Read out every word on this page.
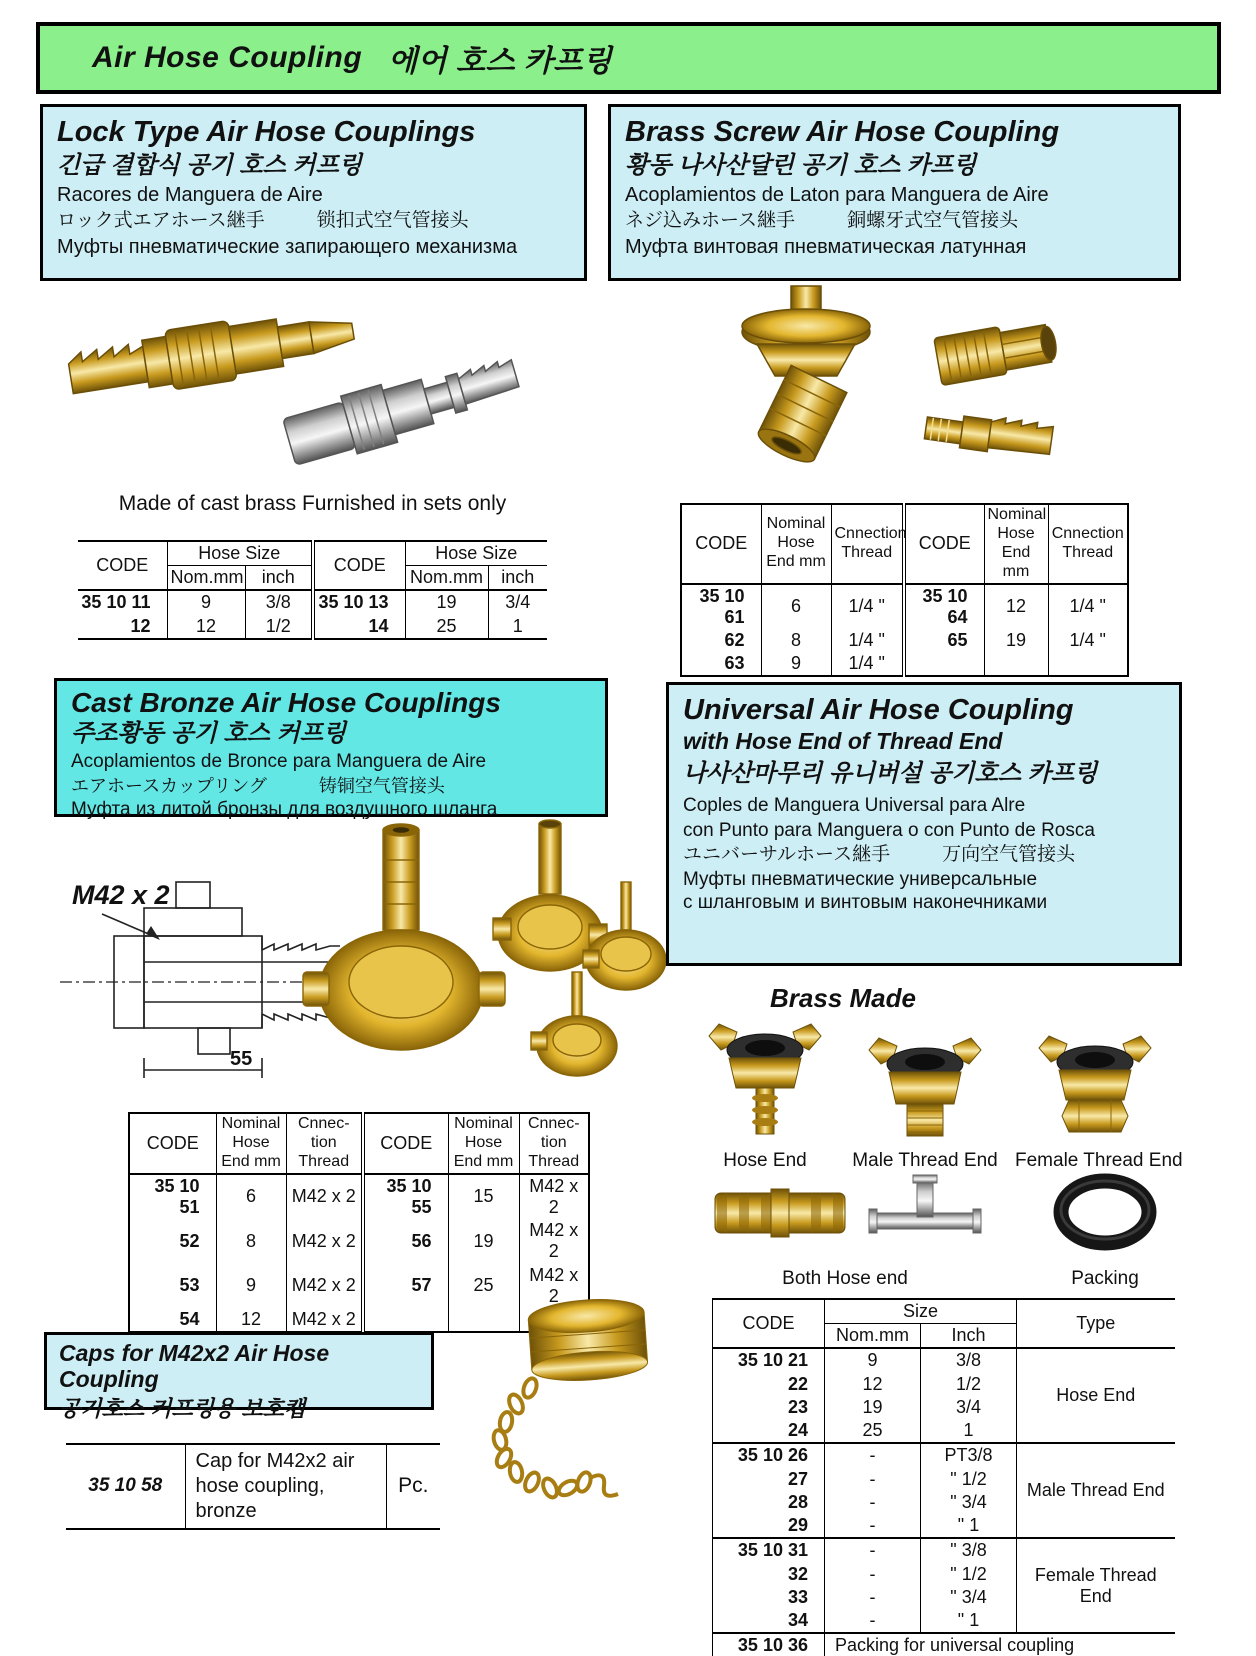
Air Hose Coupling 에어 호스 카프링
Lock Type Air Hose Couplings
긴급 결합식 공기 호스 커프링
Racores de Manguera de Aire
ロック式エアホース継手	锁扣式空气管接头
Муфты пневматические запирающего механизма
Brass Screw Air Hose Coupling
황동 나사산달린 공기 호스 카프링
Acoplamientos de Laton para Manguera de Aire
ネジ込みホース継手	銅螺牙式空气管接头
Муфта винтовая пневматическая латунная
Made of cast brass Furnished in sets only
CODE	Hose Size		CODE	Hose Size	
	Nom.mm	inch		Nom.mm	inch
35 10 11	9	3/8	35 10 13	19	3/4
12	12	1/2	14	25	1
CODE	Nominal Hose End mm	Cnnection Thread	CODE	Nominal Hose End mm	Cnnection Thread
35 10 61	6	1/4 "	35 10 64	12	1/4 "
62	8	1/4 "	65	19	1/4 "
63	9	1/4 "			
Cast Bronze Air Hose Couplings
주조황동 공기 호스 커프링
Acoplamientos de Bronce para Manguera de Aire
エアホースカップリング	铸铜空气管接头
Муфта из литой бронзы для воздушного шланга
M42 x 2
55
CODE	Nominal Hose End mm	Cnnec- tion Thread	CODE	Nominal Hose End mm	Cnnec- tion Thread
35 10 51	6	M42 x 2	35 10 55	15	M42 x 2
52	8	M42 x 2	56	19	M42 x 2
53	9	M42 x 2	57	25	M42 x 2
54	12	M42 x 2			
Universal Air Hose Coupling
with Hose End of Thread End
나사산마무리 유니버설 공기호스 카프링
Coples de Manguera Universal para Alre
con Punto para Manguera o con Punto de Rosca
ユニバーサルホース継手	万向空气管接头
Муфты пневматические универсальные
с шланговым и винтовым наконечниками
Brass Made
Hose End	Male Thread End Female Thread End
Both Hose end	Packing
CODE	Size		Type
	Nom.mm	Inch	
35 10 21	9	3/8	Hose End
22	12	1/2	
23	19	3/4	
24	25	1	
35 10 26	-	PT3/8	Male Thread End
27	-	" 1/2	
28	-	" 3/4	
29	-	" 1	
35 10 31	-	" 3/8	Female Thread End
32	-	" 1/2	
33	-	" 3/4	
34	-	" 1	
35 10 36	Packing for universal coupling		
Caps for M42x2 Air Hose Coupling
공기호스 커프링용 보호캡
35 10 58	Cap for M42x2 air hose coupling, bronze	Pc.
